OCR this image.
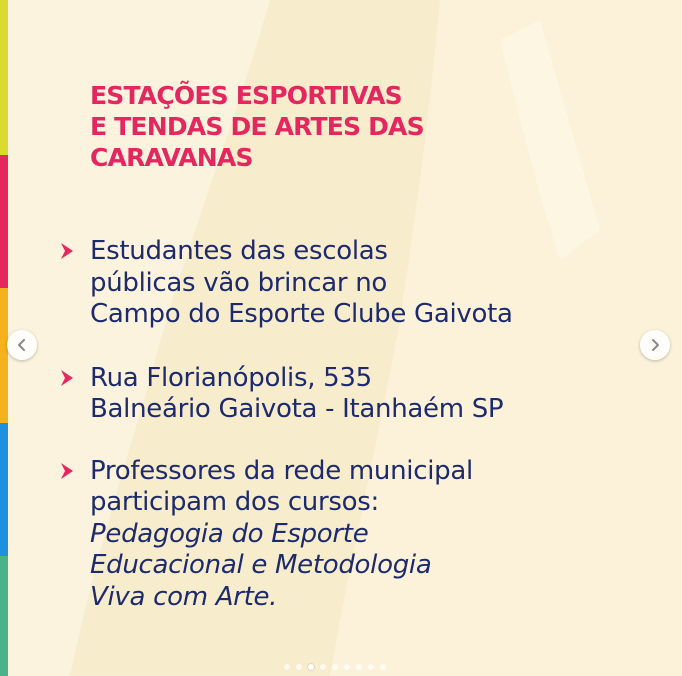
ESTAÇÕES ESPORTIVAS
E TENDAS DE ARTES DAS
CARAVANAS
Estudantes das escolas
públicas vão brincar no
Campo do Esporte Clube Gaivota
Rua Florianópolis, 535
Balneário Gaivota - Itanhaém SP
Professores da rede municipal
participam dos cursos:
Pedagogia do Esporte
Educacional e Metodologia
Viva com Arte.
